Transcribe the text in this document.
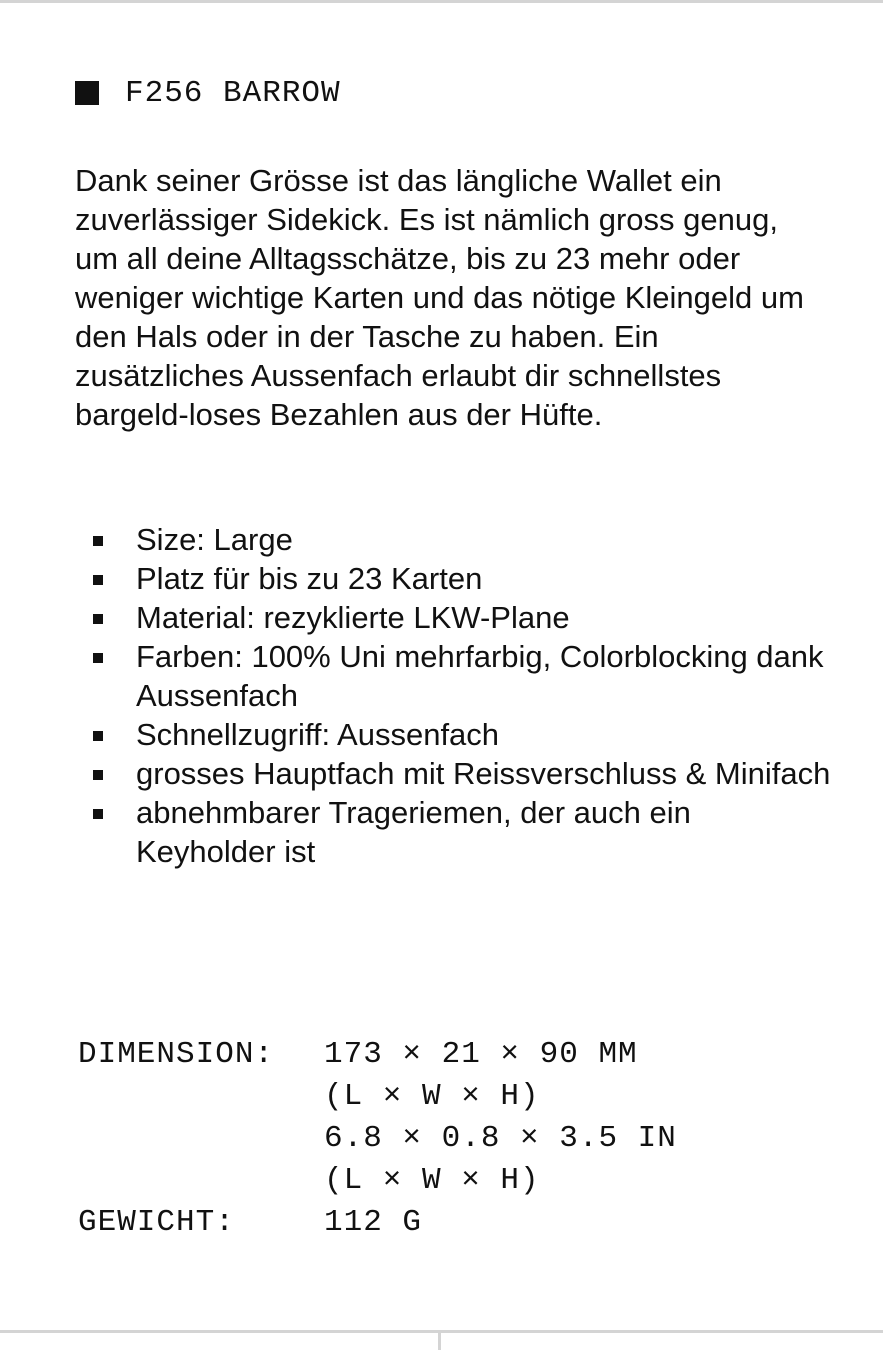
F256 BARROW

Dank seiner Grösse ist das längliche Wallet ein zuverlässiger Sidekick. Es ist nämlich gross genug, um all deine Alltagsschätze, bis zu 23 mehr oder weniger wichtige Karten und das nötige Kleingeld um den Hals oder in der Tasche zu haben. Ein zusätzliches Aussenfach erlaubt dir schnellstes bargeld-loses Bezahlen aus der Hüfte.

Size: Large
Platz für bis zu 23 Karten
Material: rezyklierte LKW-Plane
Farben: 100% Uni mehrfarbig, Colorblocking dank Aussenfach
Schnellzugriff: Aussenfach
grosses Hauptfach mit Reissverschluss & Minifach
abnehmbarer Trageriemen, der auch ein Keyholder ist
DIMENSION:	173 × 21 × 90 MM
(L × W × H)
6.8 × 0.8 × 3.5 IN
(L × W × H)
GEWICHT:	112 G
